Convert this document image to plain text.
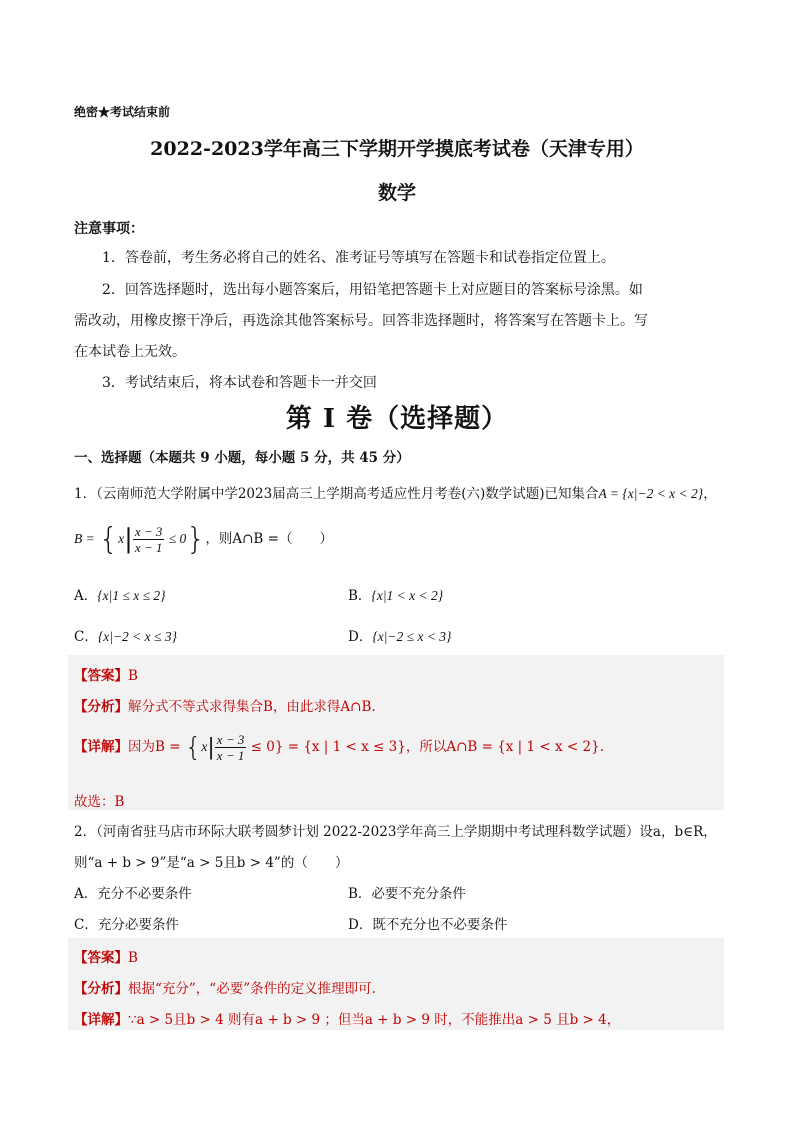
绝密★考试结束前
2022-2023学年高三下学期开学摸底考试卷（天津专用）
数学
注意事项：
1．答卷前，考生务必将自己的姓名、准考证号等填写在答题卡和试卷指定位置上。
2．回答选择题时，选出每小题答案后，用铅笔把答题卡上对应题目的答案标号涂黑。如
需改动，用橡皮擦干净后，再选涂其他答案标号。回答非选择题时，将答案写在答题卡上。写
在本试卷上无效。
3．考试结束后，将本试卷和答题卡一并交回
第 I 卷（选择题）
一、选择题（本题共 9 小题，每小题 5 分，共 45 分）
1．（云南师范大学附属中学2023届高三上学期高考适应性月考卷(六)数学试题)已知集合A = {x|−2 < x < 2}，
$B = \{x| \frac{x - 3}{x - 1} \le 0\}$，则A∩B =（　　）
A．{x|1 ≤ x ≤ 2}	B．{x|1 < x < 2}
C．{x|−2 < x ≤ 3}	D．{x|−2 ≤ x < 3}
【答案】B
【分析】解分式不等式求得集合B，由此求得A∩B.
【详解】因为$B = \{x| \frac{x - 3}{x - 1} \le 0\} = \{x$ | 1 < x ≤ 3}，所以A∩B = {x | 1 < x < 2}.
故选：B
2．（河南省驻马店市环际大联考圆梦计划 2022-2023学年高三上学期期中考试理科数学试题）设a，b∈R，
则“a + b > 9”是“a > 5且b > 4”的（　　）
A．充分不必要条件	B．必要不充分条件
C．充分必要条件	D．既不充分也不必要条件
【答案】B
【分析】根据“充分”，“必要”条件的定义推理即可.
【详解】∵a > 5且b > 4 则有a + b > 9 ；但当a + b > 9 时，不能推出a > 5 且b > 4，
